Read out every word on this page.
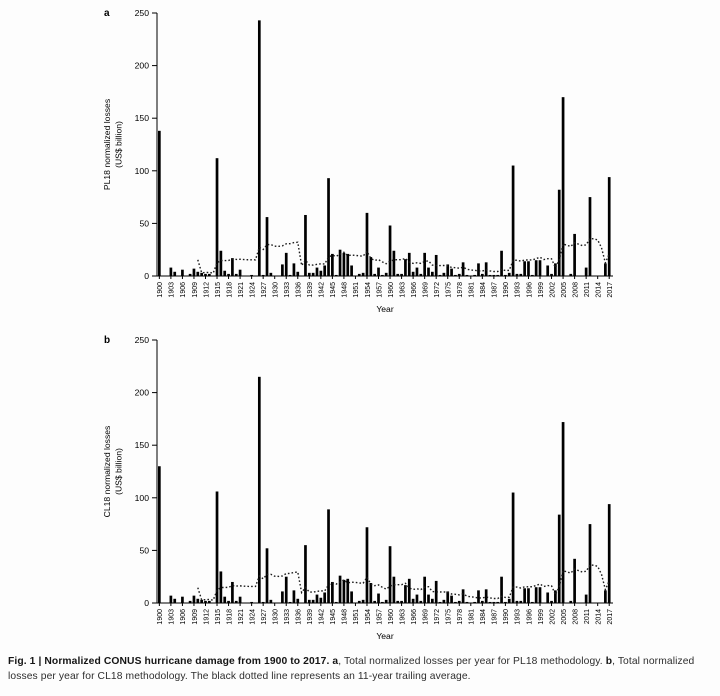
a
PL18 normalized losses (US$ billion)
Year
0
50
100
150
200
250
1900 1903 1906 1909 1912 1915 1918 1921 1924 1927 1930 1933 1936 1939 1942 1945 1948 1951 1954 1957 1960 1963 1966 1969 1972 1975 1978 1981 1984 1987 1990 1993 1996 1999 2002 2005 2008 2011 2014 2017
b
CL18 normalized losses (US$ billion)
Year
0
50
100
150
200
250
1900 1903 1906 1909 1912 1915 1918 1921 1924 1927 1930 1933 1936 1939 1942 1945 1948 1951 1954 1957 1960 1963 1966 1969 1972 1975 1978 1981 1984 1987 1990 1993 1996 1999 2002 2005 2008 2011 2014 2017
Fig. 1 | Normalized CONUS hurricane damage from 1900 to 2017. a, Total normalized losses per year for PL18 methodology. b, Total normalized losses per year for CL18 methodology. The black dotted line represents an 11-year trailing average.
